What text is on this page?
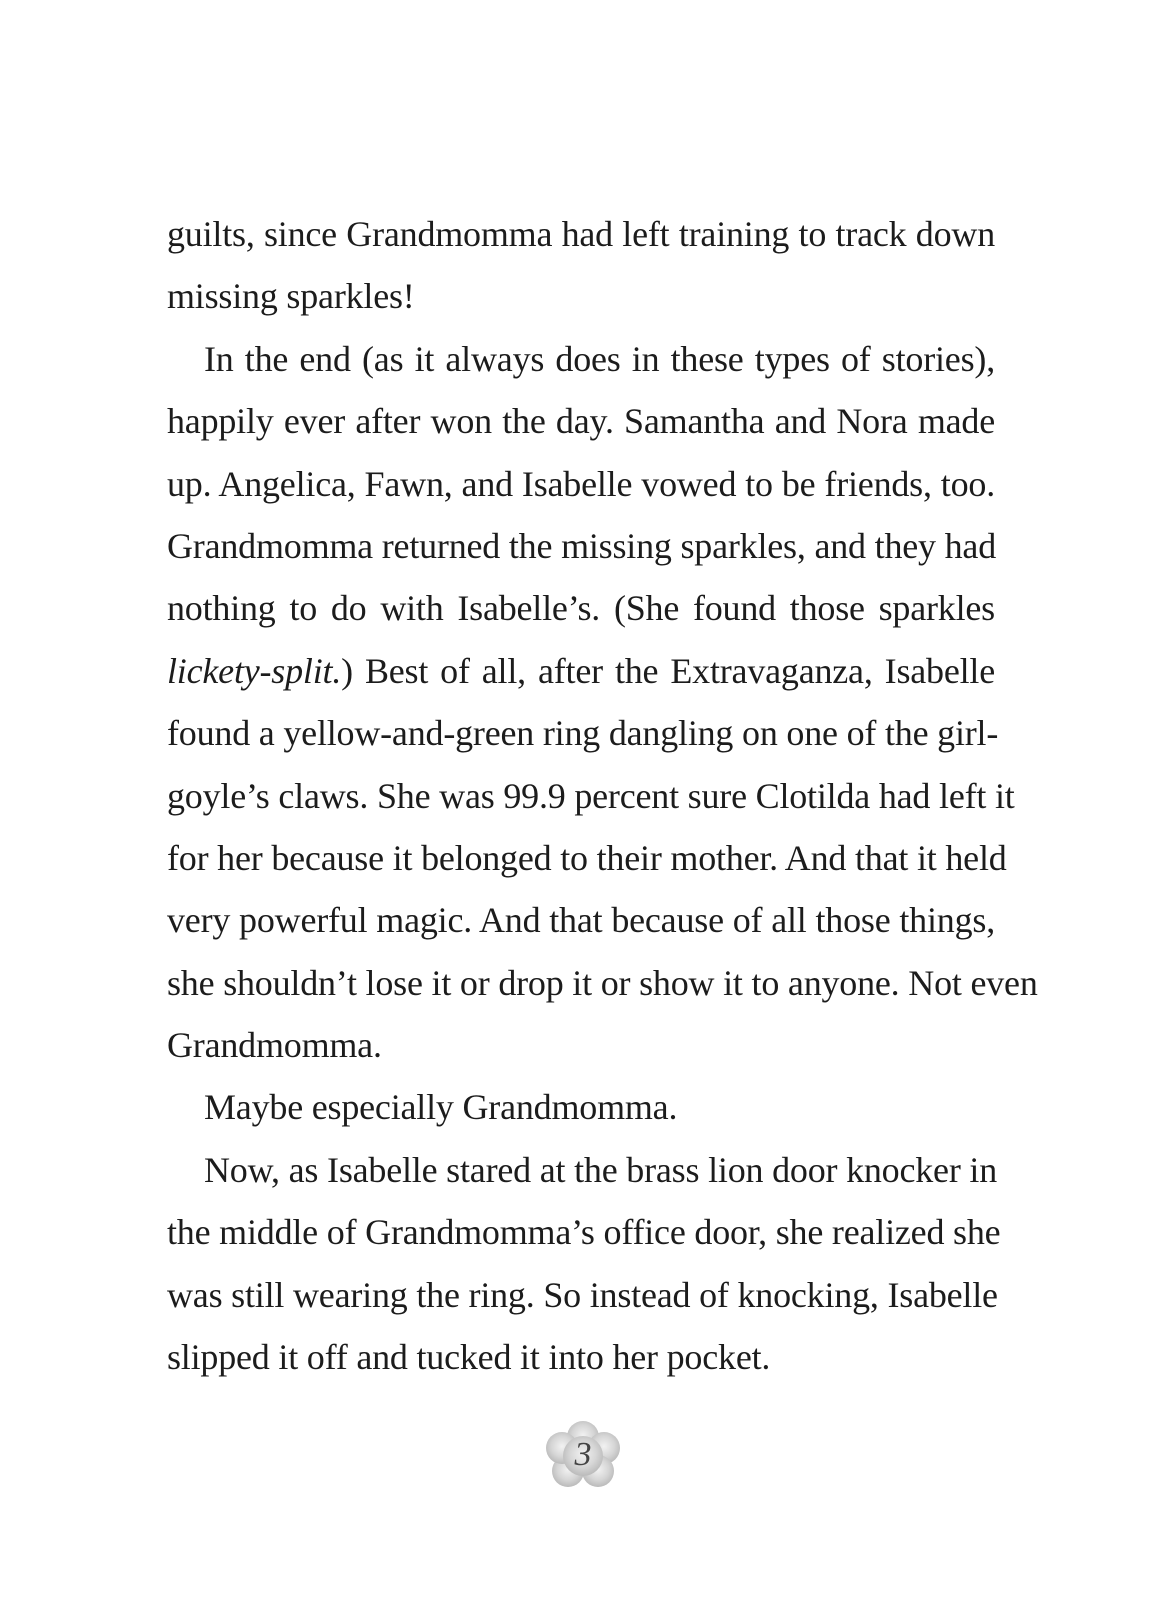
guilts, since Grandmomma had left training to track down
missing sparkles!
In the end (as it always does in these types of stories),
happily ever after won the day. Samantha and Nora made
up. Angelica, Fawn, and Isabelle vowed to be friends, too.
Grandmomma returned the missing sparkles, and they had
nothing to do with Isabelle’s. (She found those sparkles
lickety-split.) Best of all, after the Extravaganza, Isabelle
found a yellow-and-green ring dangling on one of the girl-
goyle’s claws. She was 99.9 percent sure Clotilda had left it
for her because it belonged to their mother. And that it held
very powerful magic. And that because of all those things,
she shouldn’t lose it or drop it or show it to anyone. Not even
Grandmomma.
Maybe especially Grandmomma.
Now, as Isabelle stared at the brass lion door knocker in
the middle of Grandmomma’s office door, she realized she
was still wearing the ring. So instead of knocking, Isabelle
slipped it off and tucked it into her pocket.
3
